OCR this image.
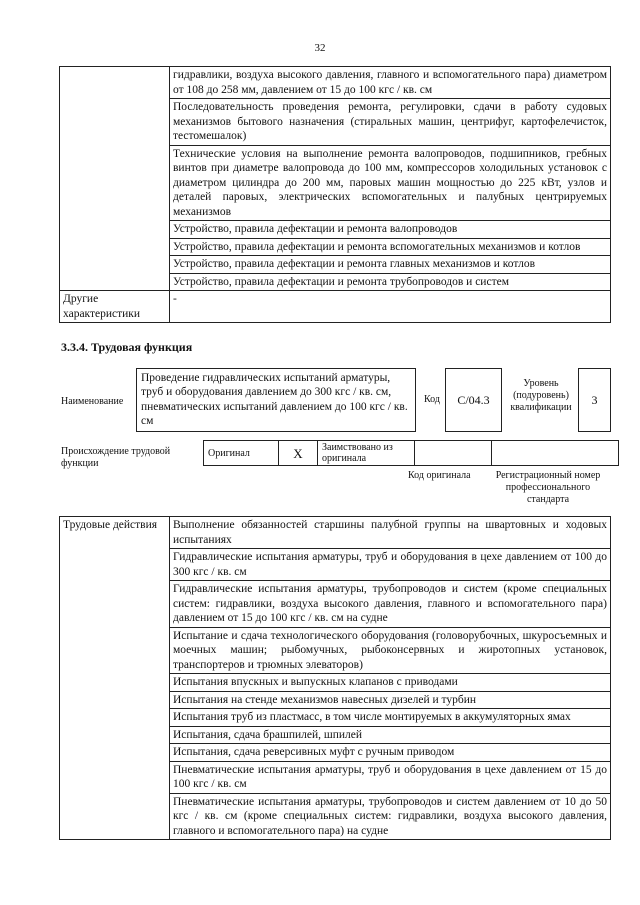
32
	гидравлики, воздуха высокого давления, главного и вспомогательного пара) диаметром от 108 до 258 мм, давлением от 15 до 100 кгс / кв. см
	Последовательность проведения ремонта, регулировки, сдачи в работу судовых механизмов бытового назначения (стиральных машин, центрифуг, картофелечисток, тестомешалок)
	Технические условия на выполнение ремонта валопроводов, подшипников, гребных винтов при диаметре валопровода до 100 мм, компрессоров холодильных установок с диаметром цилиндра до 200 мм, паровых машин мощностью до 225 кВт, узлов и деталей паровых, электрических вспомогательных и палубных центрируемых механизмов
	Устройство, правила дефектации и ремонта валопроводов
	Устройство, правила дефектации и ремонта вспомогательных механизмов и котлов
	Устройство, правила дефектации и ремонта главных механизмов и котлов
	Устройство, правила дефектации и ремонта трубопроводов и систем
Другие характеристики	-
3.3.4. Трудовая функция
Наименование
Проведение гидравлических испытаний арматуры, труб и оборудования давлением до 300 кгс / кв. см, пневматических испытаний давлением до 100 кгс / кв. см
Код	C/04.3
Уровень (подуровень) квалификации
3
Происхождение трудовой функции
Оригинал	X	Заимствовано из оригинала		
Код оригинала	Регистрационный номер профессионального стандарта
Трудовые действия	Выполнение обязанностей старшины палубной группы на швартовных и ходовых испытаниях
Гидравлические испытания арматуры, труб и оборудования в цехе давлением от 100 до 300 кгс / кв. см
Гидравлические испытания арматуры, трубопроводов и систем (кроме специальных систем: гидравлики, воздуха высокого давления, главного и вспомогательного пара) давлением от 15 до 100 кгс / кв. см на судне
Испытание и сдача технологического оборудования (головорубочных, шкуросъемных и моечных машин; рыбомучных, рыбоконсервных и жиротопных установок, транспортеров и трюмных элеваторов)
Испытания впускных и выпускных клапанов с приводами
Испытания на стенде механизмов навесных дизелей и турбин
Испытания труб из пластмасс, в том числе монтируемых в аккумуляторных ямах
Испытания, сдача брашпилей, шпилей
Испытания, сдача реверсивных муфт с ручным приводом
Пневматические испытания арматуры, труб и оборудования в цехе давлением от 15 до 100 кгс / кв. см
Пневматические испытания арматуры, трубопроводов и систем давлением от 10 до 50 кгс / кв. см (кроме специальных систем: гидравлики, воздуха высокого давления, главного и вспомогательного пара) на судне
